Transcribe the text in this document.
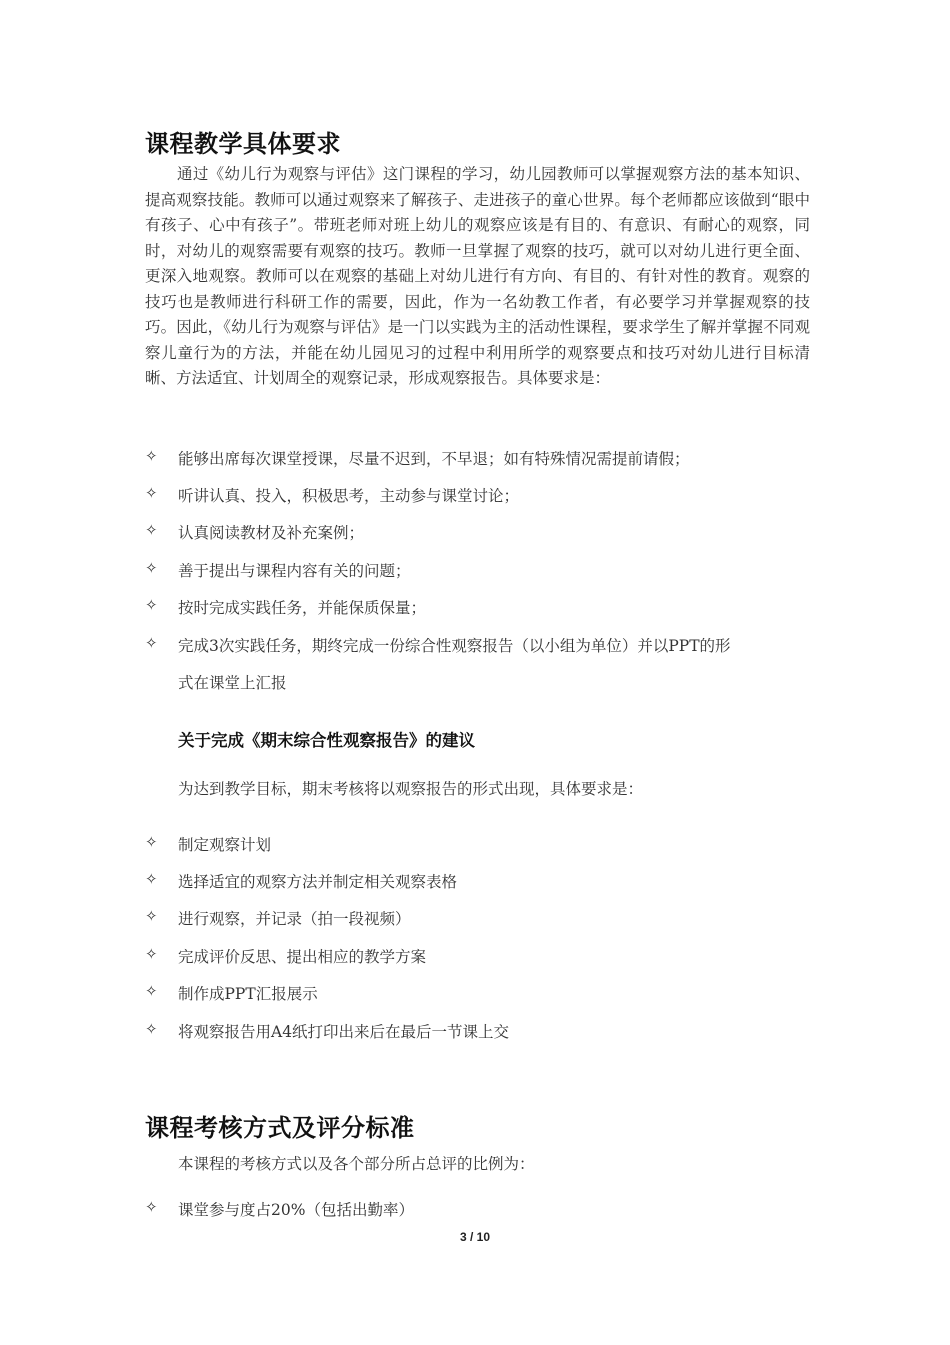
课程教学具体要求
通过《幼儿行为观察与评估》这门课程的学习，幼儿园教师可以掌握观察方法的基本知识、提高观察技能。教师可以通过观察来了解孩子、走进孩子的童心世界。每个老师都应该做到“眼中有孩子、心中有孩子”。带班老师对班上幼儿的观察应该是有目的、有意识、有耐心的观察，同时，对幼儿的观察需要有观察的技巧。教师一旦掌握了观察的技巧，就可以对幼儿进行更全面、更深入地观察。教师可以在观察的基础上对幼儿进行有方向、有目的、有针对性的教育。观察的技巧也是教师进行科研工作的需要，因此，作为一名幼教工作者，有必要学习并掌握观察的技巧。因此，《幼儿行为观察与评估》是一门以实践为主的活动性课程，要求学生了解并掌握不同观察儿童行为的方法，并能在幼儿园见习的过程中利用所学的观察要点和技巧对幼儿进行目标清晰、方法适宜、计划周全的观察记录，形成观察报告。具体要求是：
✧ 能够出席每次课堂授课，尽量不迟到，不早退；如有特殊情况需提前请假；
✧ 听讲认真、投入，积极思考，主动参与课堂讨论；
✧ 认真阅读教材及补充案例；
✧ 善于提出与课程内容有关的问题；
✧ 按时完成实践任务，并能保质保量；
✧ 完成3次实践任务，期终完成一份综合性观察报告（以小组为单位）并以PPT的形
式在课堂上汇报
关于完成《期末综合性观察报告》的建议
为达到教学目标，期末考核将以观察报告的形式出现，具体要求是：
✧ 制定观察计划
✧ 选择适宜的观察方法并制定相关观察表格
✧ 进行观察，并记录（拍一段视频）
✧ 完成评价反思、提出相应的教学方案
✧ 制作成PPT汇报展示
✧ 将观察报告用A4纸打印出来后在最后一节课上交
课程考核方式及评分标准
本课程的考核方式以及各个部分所占总评的比例为：
✧ 课堂参与度占20%（包括出勤率）
3 / 10
